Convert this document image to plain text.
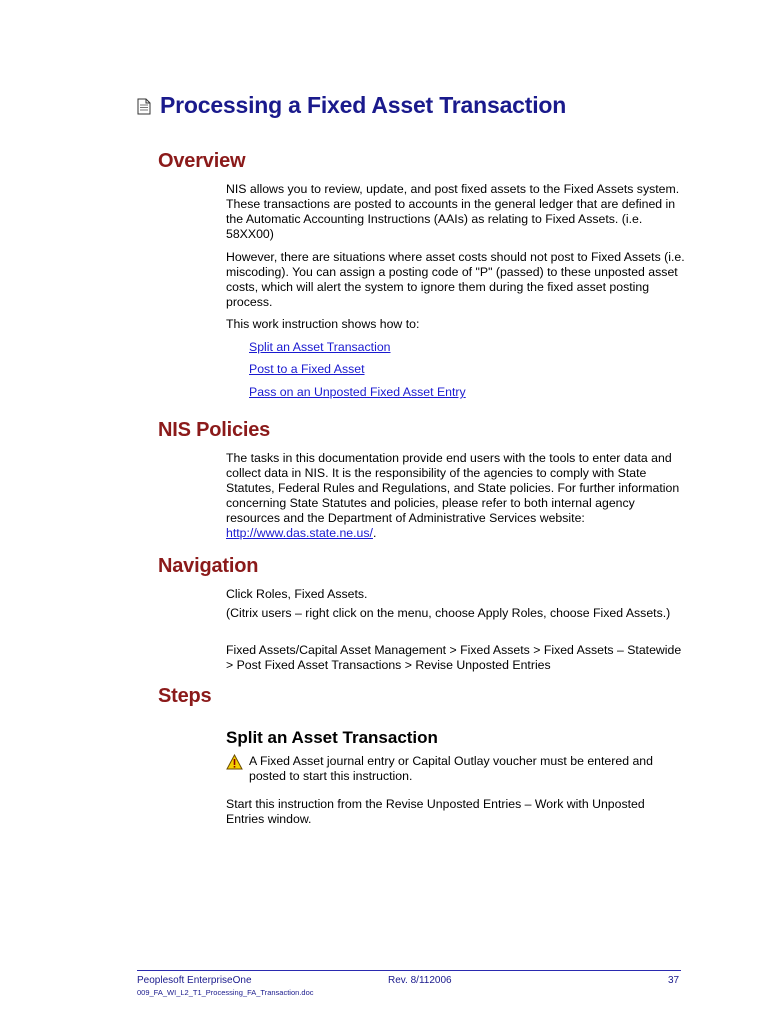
Processing a Fixed Asset Transaction
Overview

NIS allows you to review, update, and post fixed assets to the Fixed Assets system. These transactions are posted to accounts in the general ledger that are defined in the Automatic Accounting Instructions (AAIs) as relating to Fixed Assets. (i.e. 58XX00)

However, there are situations where asset costs should not post to Fixed Assets (i.e. miscoding). You can assign a posting code of "P" (passed) to these unposted asset costs, which will alert the system to ignore them during the fixed asset posting process.

This work instruction shows how to:

Split an Asset Transaction
Post to a Fixed Asset
Pass on an Unposted Fixed Asset Entry
NIS Policies

The tasks in this documentation provide end users with the tools to enter data and collect data in NIS. It is the responsibility of the agencies to comply with State Statutes, Federal Rules and Regulations, and State policies. For further information concerning State Statutes and policies, please refer to both internal agency resources and the Department of Administrative Services website: http://www.das.state.ne.us/.

Navigation

Click Roles, Fixed Assets.

(Citrix users – right click on the menu, choose Apply Roles, choose Fixed Assets.)

Fixed Assets/Capital Asset Management > Fixed Assets > Fixed Assets – Statewide > Post Fixed Asset Transactions > Revise Unposted Entries

Steps
Split an Asset Transaction
A Fixed Asset journal entry or Capital Outlay voucher must be entered and posted to start this instruction.

Start this instruction from the Revise Unposted Entries – Work with Unposted Entries window.

Peoplesoft EnterpriseOne
009_FA_WI_L2_T1_Processing_FA_Transaction.doc
Rev. 8/112006	37
